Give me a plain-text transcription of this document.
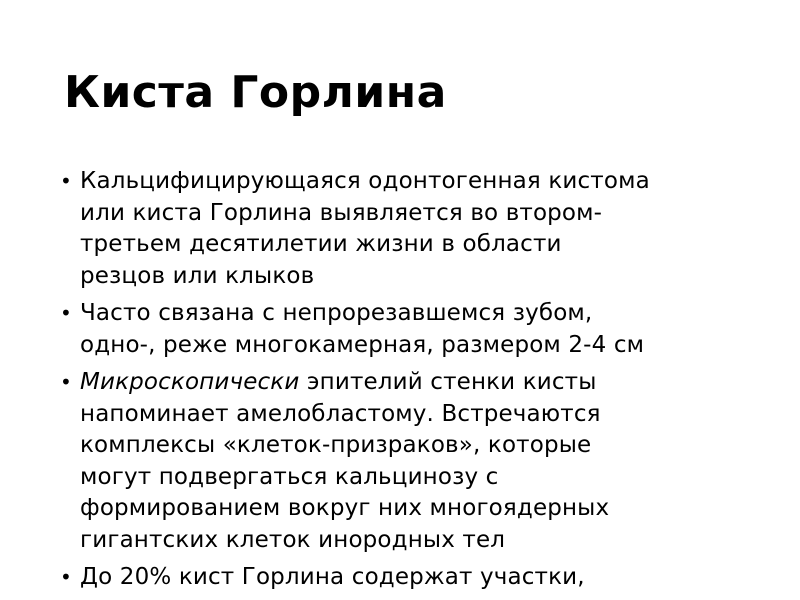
Киста Горлина
• Кальцифицирующаяся одонтогенная кистома
или киста Горлина выявляется во втором-
третьем десятилетии жизни в области
резцов или клыков
• Часто связана с непрорезавшемся зубом,
одно-, реже многокамерная, размером 2-4 см
• Микроскопически эпителий стенки кисты
напоминает амелобластому. Встречаются
комплексы «клеток-призраков», которые
могут подвергаться кальцинозу с
формированием вокруг них многоядерных
гигантских клеток инородных тел
• До 20% кист Горлина содержат участки,
